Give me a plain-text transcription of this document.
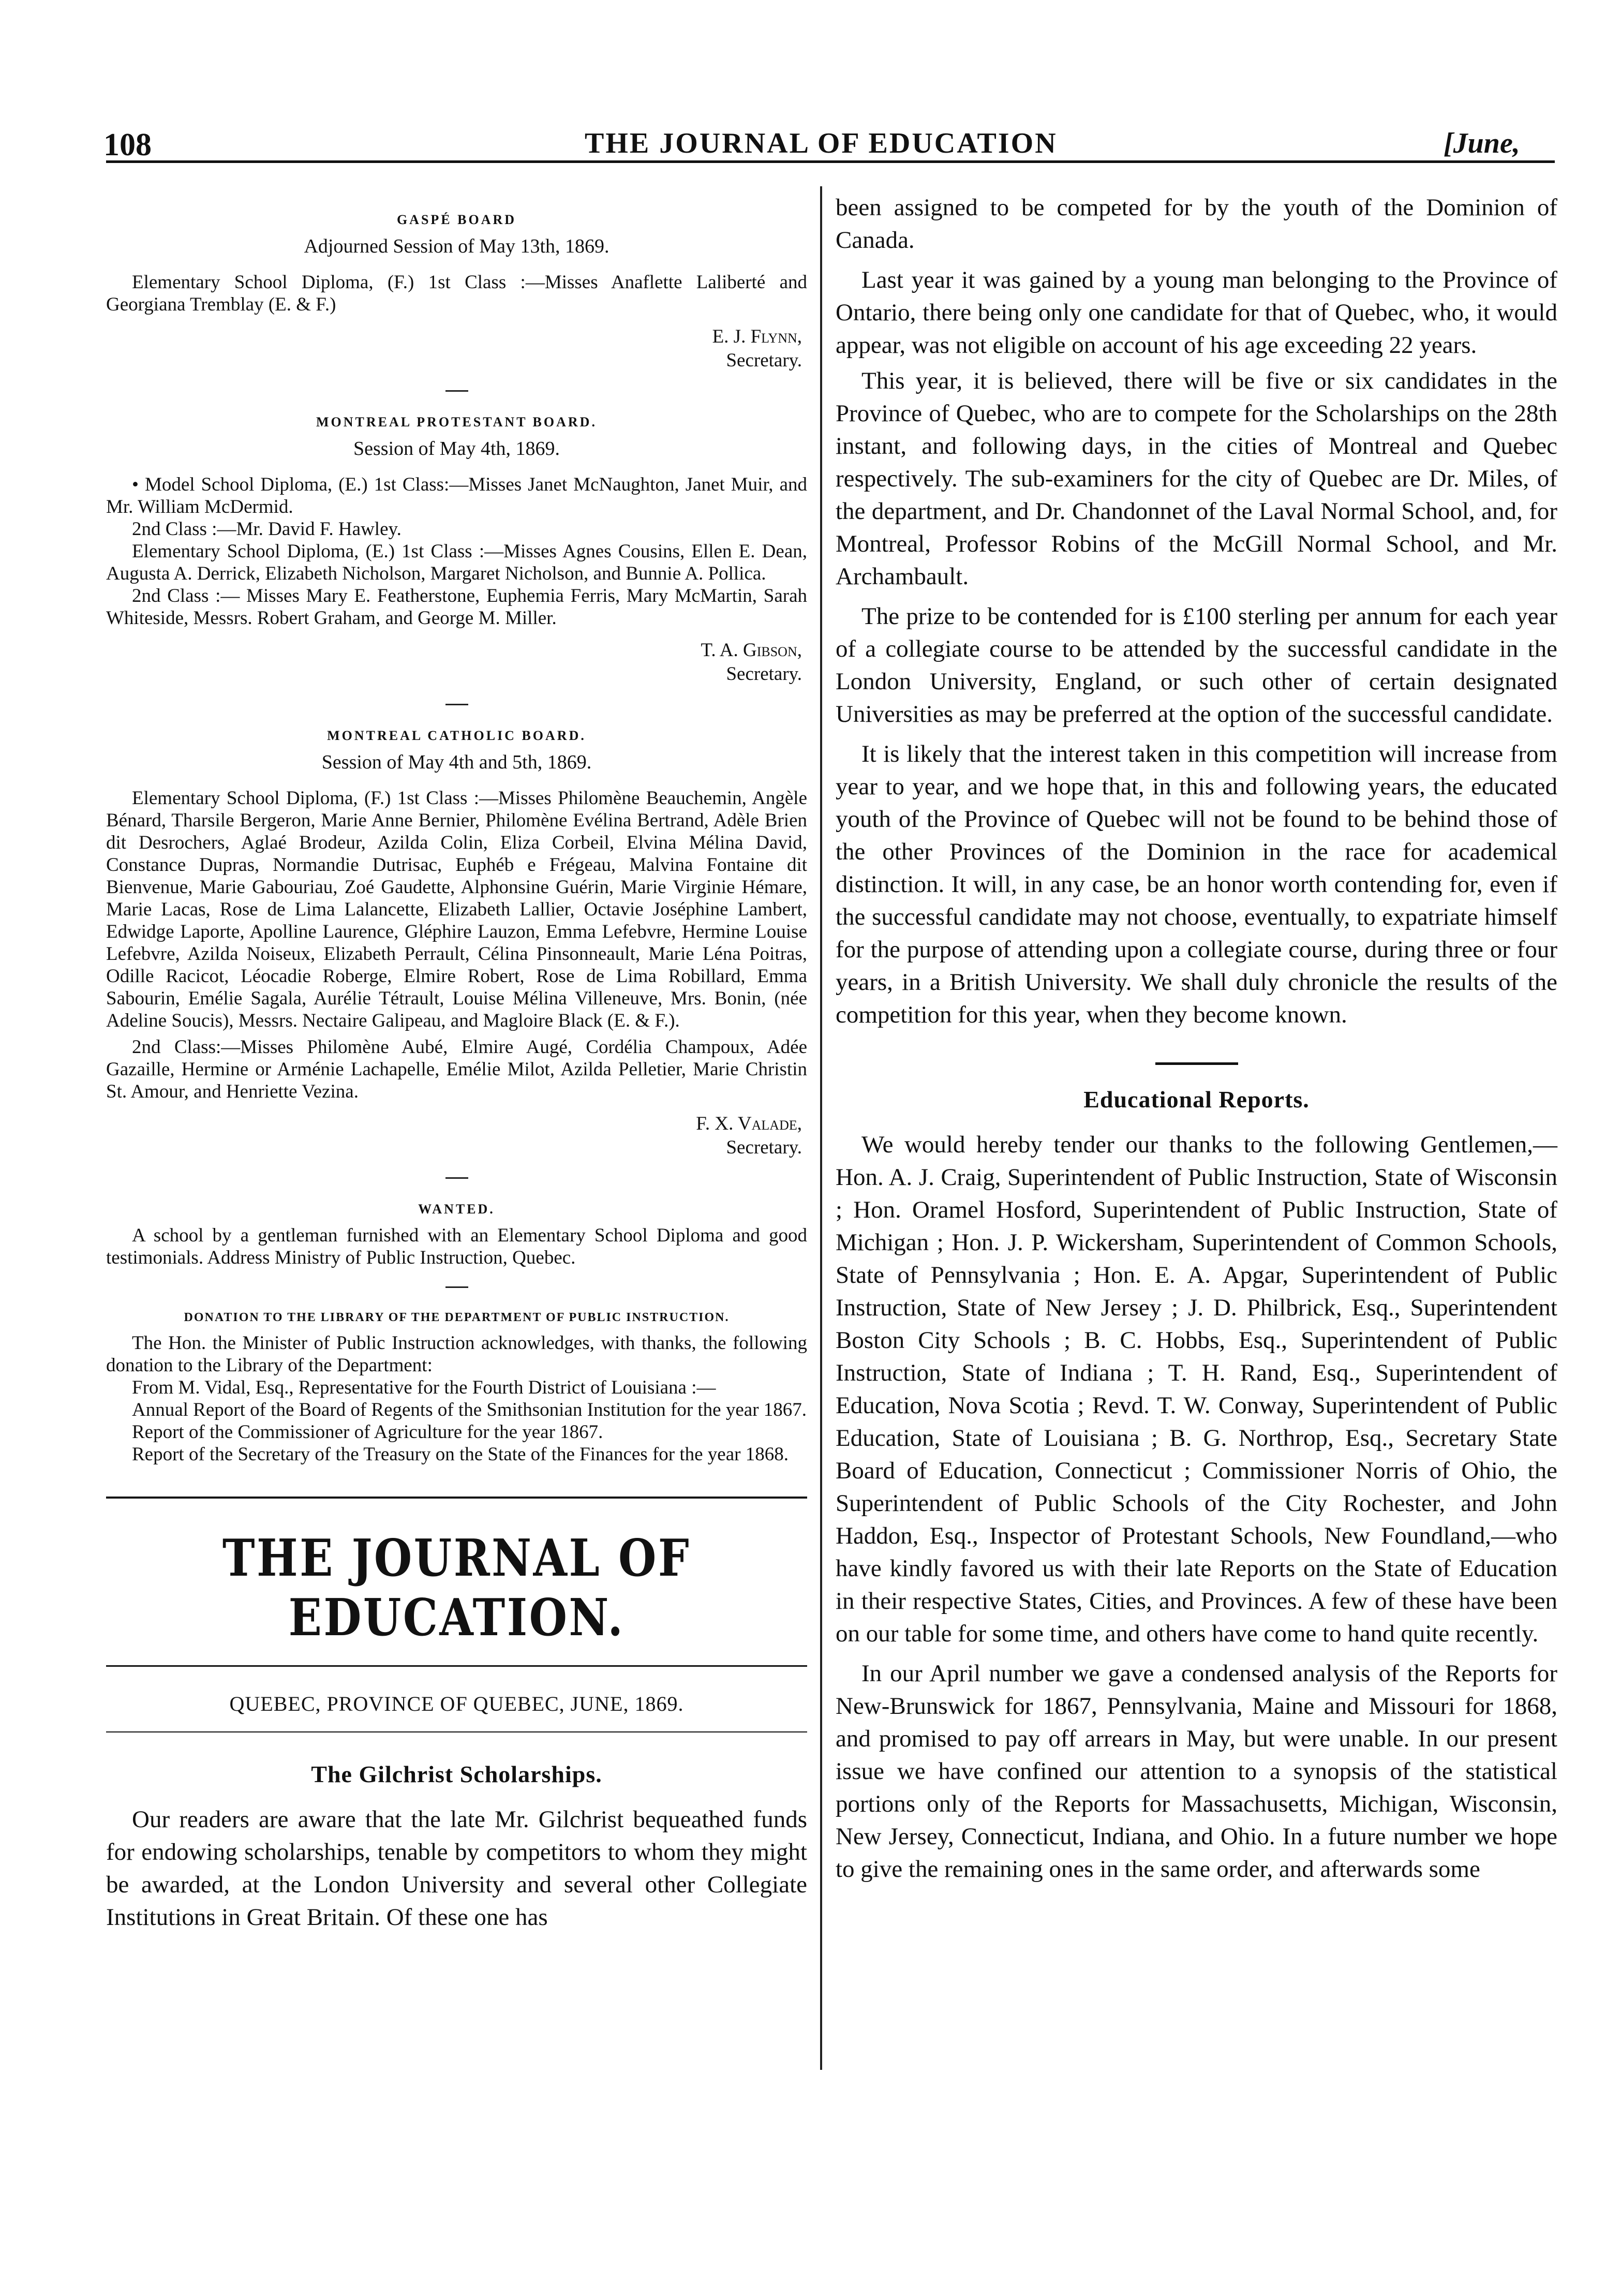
108	THE JOURNAL OF EDUCATION	[June,
GASPÉ BOARD
Adjourned Session of May 13th, 1869.

Elementary School Diploma, (F.) 1st Class :—Misses Anaflette Laliberté and Georgiana Tremblay (E. & F.)

E. J. Flynn,
Secretary.
MONTREAL PROTESTANT BOARD.
Session of May 4th, 1869.

• Model School Diploma, (E.) 1st Class:—Misses Janet McNaughton, Janet Muir, and Mr. William McDermid.

2nd Class :—Mr. David F. Hawley.

Elementary School Diploma, (E.) 1st Class :—Misses Agnes Cousins, Ellen E. Dean, Augusta A. Derrick, Elizabeth Nicholson, Margaret Nicholson, and Bunnie A. Pollica.

2nd Class :— Misses Mary E. Featherstone, Euphemia Ferris, Mary McMartin, Sarah Whiteside, Messrs. Robert Graham, and George M. Miller.

T. A. Gibson,
Secretary.
MONTREAL CATHOLIC BOARD.
Session of May 4th and 5th, 1869.

Elementary School Diploma, (F.) 1st Class :—Misses Philomène Beauchemin, Angèle Bénard, Tharsile Bergeron, Marie Anne Bernier, Philomène Evélina Bertrand, Adèle Brien dit Desrochers, Aglaé Brodeur, Azilda Colin, Eliza Corbeil, Elvina Mélina David, Constance Dupras, Normandie Dutrisac, Euphéb e Frégeau, Malvina Fontaine dit Bienvenue, Marie Gabouriau, Zoé Gaudette, Alphonsine Guérin, Marie Virginie Hémare, Marie Lacas, Rose de Lima Lalancette, Elizabeth Lallier, Octavie Joséphine Lambert, Edwidge Laporte, Apolline Laurence, Gléphire Lauzon, Emma Lefebvre, Hermine Louise Lefebvre, Azilda Noiseux, Elizabeth Perrault, Célina Pinsonneault, Marie Léna Poitras, Odille Racicot, Léocadie Roberge, Elmire Robert, Rose de Lima Robillard, Emma Sabourin, Emélie Sagala, Aurélie Tétrault, Louise Mélina Villeneuve, Mrs. Bonin, (née Adeline Soucis), Messrs. Nectaire Galipeau, and Magloire Black (E. & F.).

2nd Class:—Misses Philomène Aubé, Elmire Augé, Cordélia Champoux, Adée Gazaille, Hermine or Arménie Lachapelle, Emélie Milot, Azilda Pelletier, Marie Christin St. Amour, and Henriette Vezina.

F. X. Valade,
Secretary.
WANTED.

A school by a gentleman furnished with an Elementary School Diploma and good testimonials. Address Ministry of Public Instruction, Quebec.

DONATION TO THE LIBRARY OF THE DEPARTMENT OF PUBLIC INSTRUCTION.

The Hon. the Minister of Public Instruction acknowledges, with thanks, the following donation to the Library of the Department:

From M. Vidal, Esq., Representative for the Fourth District of Louisiana :—

Annual Report of the Board of Regents of the Smithsonian Institution for the year 1867.

Report of the Commissioner of Agriculture for the year 1867.

Report of the Secretary of the Treasury on the State of the Finances for the year 1868.

THE JOURNAL OF EDUCATION.
QUEBEC, PROVINCE OF QUEBEC, JUNE, 1869.
The Gilchrist Scholarships.

Our readers are aware that the late Mr. Gilchrist bequeathed funds for endowing scholarships, tenable by competitors to whom they might be awarded, at the London University and several other Collegiate Institutions in Great Britain. Of these one has

been assigned to be competed for by the youth of the Dominion of Canada.

Last year it was gained by a young man belonging to the Province of Ontario, there being only one candidate for that of Quebec, who, it would appear, was not eligible on account of his age exceeding 22 years.

This year, it is believed, there will be five or six candidates in the Province of Quebec, who are to compete for the Scholarships on the 28th instant, and following days, in the cities of Montreal and Quebec respectively. The sub-examiners for the city of Quebec are Dr. Miles, of the department, and Dr. Chandonnet of the Laval Normal School, and, for Montreal, Professor Robins of the McGill Normal School, and Mr. Archambault.

The prize to be contended for is £100 sterling per annum for each year of a collegiate course to be attended by the successful candidate in the London University, England, or such other of certain designated Universities as may be preferred at the option of the successful candidate.

It is likely that the interest taken in this competition will increase from year to year, and we hope that, in this and following years, the educated youth of the Province of Quebec will not be found to be behind those of the other Provinces of the Dominion in the race for academical distinction. It will, in any case, be an honor worth contending for, even if the successful candidate may not choose, eventually, to expatriate himself for the purpose of attending upon a collegiate course, during three or four years, in a British University. We shall duly chronicle the results of the competition for this year, when they become known.

Educational Reports.

We would hereby tender our thanks to the following Gentlemen,—Hon. A. J. Craig, Superintendent of Public Instruction, State of Wisconsin ; Hon. Oramel Hosford, Superintendent of Public Instruction, State of Michigan ; Hon. J. P. Wickersham, Superintendent of Common Schools, State of Pennsylvania ; Hon. E. A. Apgar, Superintendent of Public Instruction, State of New Jersey ; J. D. Philbrick, Esq., Superintendent Boston City Schools ; B. C. Hobbs, Esq., Superintendent of Public Instruction, State of Indiana ; T. H. Rand, Esq., Superintendent of Education, Nova Scotia ; Revd. T. W. Conway, Superintendent of Public Education, State of Louisiana ; B. G. Northrop, Esq., Secretary State Board of Education, Connecticut ; Commissioner Norris of Ohio, the Superintendent of Public Schools of the City Rochester, and John Haddon, Esq., Inspector of Protestant Schools, New Foundland,—who have kindly favored us with their late Reports on the State of Education in their respective States, Cities, and Provinces. A few of these have been on our table for some time, and others have come to hand quite recently.

In our April number we gave a condensed analysis of the Reports for New-Brunswick for 1867, Pennsylvania, Maine and Missouri for 1868, and promised to pay off arrears in May, but were unable. In our present issue we have confined our attention to a synopsis of the statistical portions only of the Reports for Massachusetts, Michigan, Wisconsin, New Jersey, Connecticut, Indiana, and Ohio. In a future number we hope to give the remaining ones in the same order, and afterwards some
